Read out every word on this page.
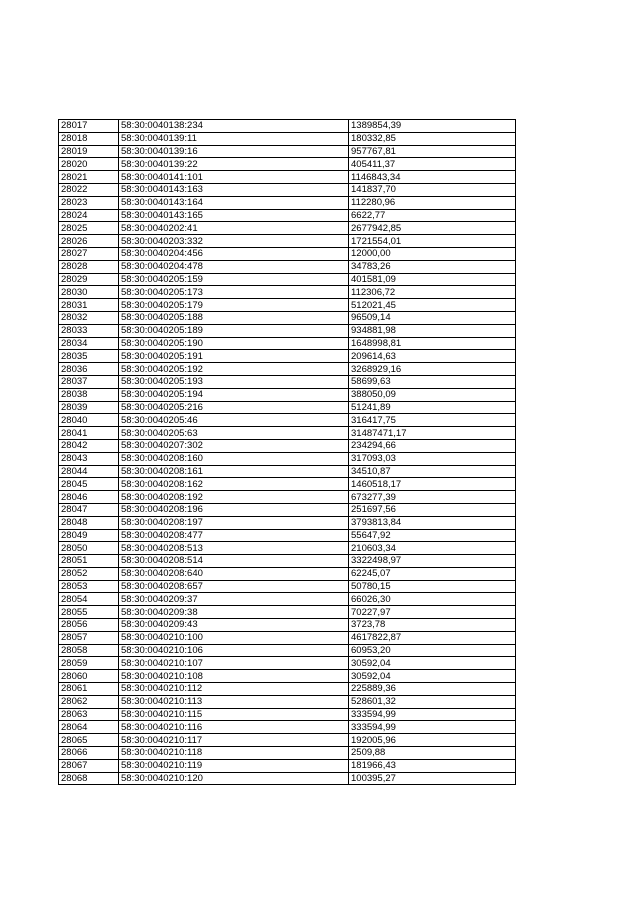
28017	58:30:0040138:234	1389854,39
28018	58:30:0040139:11	180332,85
28019	58:30:0040139:16	957767,81
28020	58:30:0040139:22	405411,37
28021	58:30:0040141:101	1146843,34
28022	58:30:0040143:163	141837,70
28023	58:30:0040143:164	112280,96
28024	58:30:0040143:165	6622,77
28025	58:30:0040202:41	2677942,85
28026	58:30:0040203:332	1721554,01
28027	58:30:0040204:456	12000,00
28028	58:30:0040204:478	34783,26
28029	58:30:0040205:159	401581,09
28030	58:30:0040205:173	112306,72
28031	58:30:0040205:179	512021,45
28032	58:30:0040205:188	96509,14
28033	58:30:0040205:189	934881,98
28034	58:30:0040205:190	1648998,81
28035	58:30:0040205:191	209614,63
28036	58:30:0040205:192	3268929,16
28037	58:30:0040205:193	58699,63
28038	58:30:0040205:194	388050,09
28039	58:30:0040205:216	51241,89
28040	58:30:0040205:46	316417,75
28041	58:30:0040205:63	31487471,17
28042	58:30:0040207:302	234294,66
28043	58:30:0040208:160	317093,03
28044	58:30:0040208:161	34510,87
28045	58:30:0040208:162	1460518,17
28046	58:30:0040208:192	673277,39
28047	58:30:0040208:196	251697,56
28048	58:30:0040208:197	3793813,84
28049	58:30:0040208:477	55647,92
28050	58:30:0040208:513	210603,34
28051	58:30:0040208:514	3322498,97
28052	58:30:0040208:640	62245,07
28053	58:30:0040208:657	50780,15
28054	58:30:0040209:37	66026,30
28055	58:30:0040209:38	70227,97
28056	58:30:0040209:43	3723,78
28057	58:30:0040210:100	4617822,87
28058	58:30:0040210:106	60953,20
28059	58:30:0040210:107	30592,04
28060	58:30:0040210:108	30592,04
28061	58:30:0040210:112	225889,36
28062	58:30:0040210:113	528601,32
28063	58:30:0040210:115	333594,99
28064	58:30:0040210:116	333594,99
28065	58:30:0040210:117	192005,96
28066	58:30:0040210:118	2509,88
28067	58:30:0040210:119	181966,43
28068	58:30:0040210:120	100395,27
